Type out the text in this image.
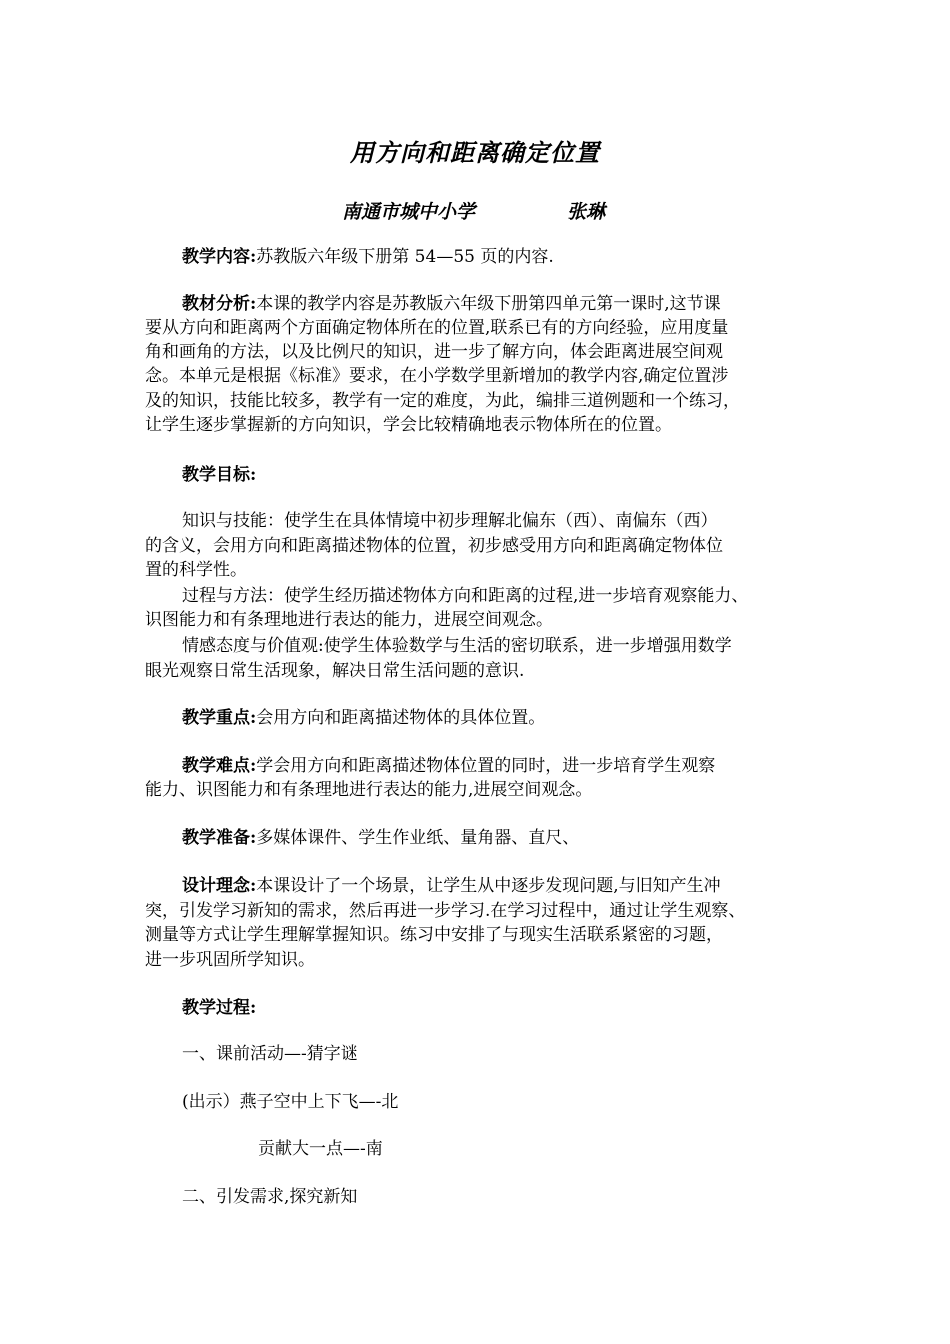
用方向和距离确定位置
南通市城中小学	张琳
教学内容:苏教版六年级下册第 54—55 页的内容.
教材分析:本课的教学内容是苏教版六年级下册第四单元第一课时,这节课
要从方向和距离两个方面确定物体所在的位置,联系已有的方向经验，应用度量
角和画角的方法，以及比例尺的知识，进一步了解方向，体会距离进展空间观
念。本单元是根据《标准》要求，在小学数学里新增加的教学内容,确定位置涉
及的知识，技能比较多，教学有一定的难度，为此，编排三道例题和一个练习，
让学生逐步掌握新的方向知识，学会比较精确地表示物体所在的位置。
教学目标:
知识与技能：使学生在具体情境中初步理解北偏东（西）、南偏东（西）
的含义，会用方向和距离描述物体的位置，初步感受用方向和距离确定物体位
置的科学性。
过程与方法：使学生经历描述物体方向和距离的过程,进一步培育观察能力、
识图能力和有条理地进行表达的能力，进展空间观念。
情感态度与价值观:使学生体验数学与生活的密切联系，进一步增强用数学
眼光观察日常生活现象，解决日常生活问题的意识.
教学重点:会用方向和距离描述物体的具体位置。
教学难点:学会用方向和距离描述物体位置的同时，进一步培育学生观察
能力、识图能力和有条理地进行表达的能力,进展空间观念。
教学准备:多媒体课件、学生作业纸、量角器、直尺、
设计理念:本课设计了一个场景，让学生从中逐步发现问题,与旧知产生冲
突，引发学习新知的需求，然后再进一步学习.在学习过程中，通过让学生观察、
测量等方式让学生理解掌握知识。练习中安排了与现实生活联系紧密的习题，
进一步巩固所学知识。
教学过程:
一、课前活动—-猜字谜
(出示）燕子空中上下飞—-北
贡献大一点—-南
二、引发需求,探究新知
